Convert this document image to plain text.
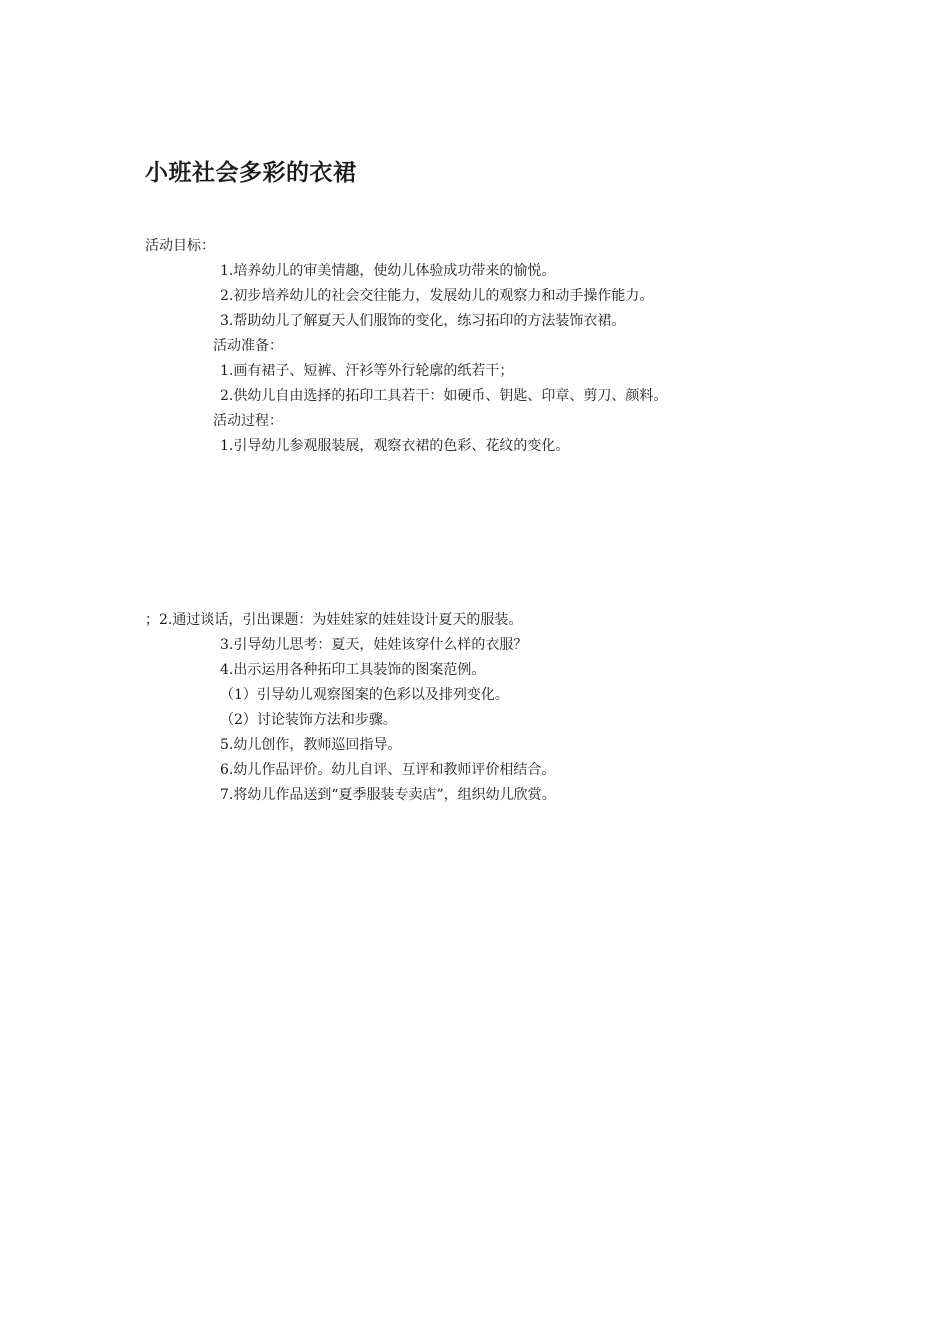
小班社会多彩的衣裙

活动目标：

1.培养幼儿的审美情趣，使幼儿体验成功带来的愉悦。

2.初步培养幼儿的社会交往能力，发展幼儿的观察力和动手操作能力。

3.帮助幼儿了解夏天人们服饰的变化，练习拓印的方法装饰衣裙。

活动准备：

1.画有裙子、短裤、汗衫等外行轮廓的纸若干；

2.供幼儿自由选择的拓印工具若干：如硬币、钥匙、印章、剪刀、颜料。

活动过程：

1.引导幼儿参观服装展，观察衣裙的色彩、花纹的变化。

；2.通过谈话，引出课题：为娃娃家的娃娃设计夏天的服装。

3.引导幼儿思考：夏天，娃娃该穿什么样的衣服？

4.出示运用各种拓印工具装饰的图案范例。

（1）引导幼儿观察图案的色彩以及排列变化。

（2）讨论装饰方法和步骤。

5.幼儿创作，教师巡回指导。

6.幼儿作品评价。幼儿自评、互评和教师评价相结合。

7.将幼儿作品送到“夏季服装专卖店”，组织幼儿欣赏。
